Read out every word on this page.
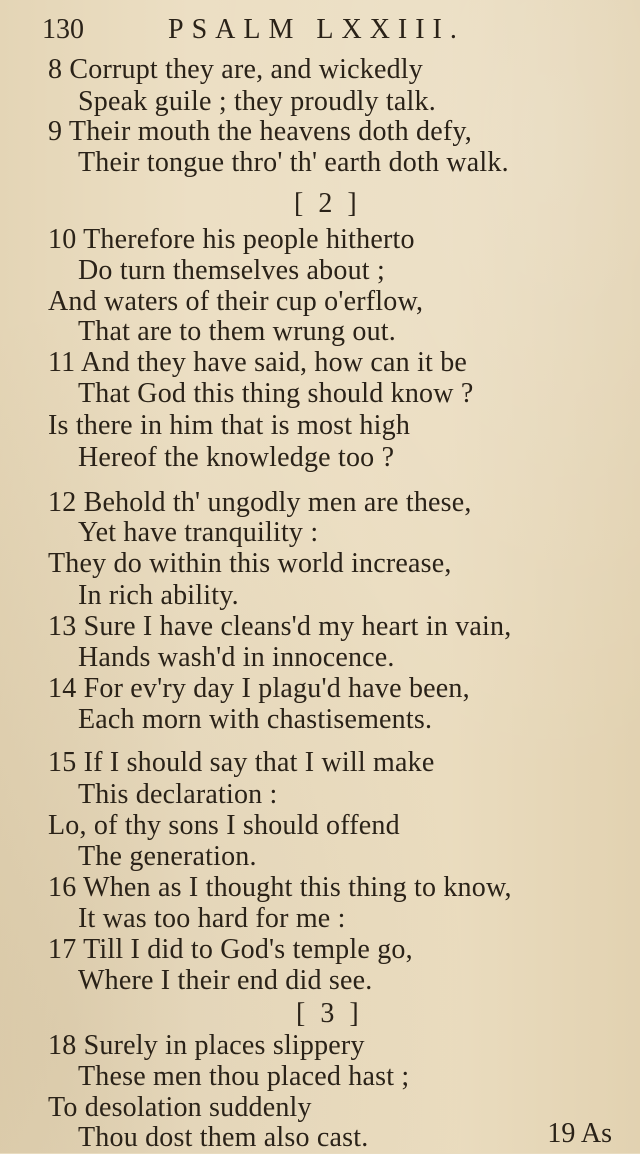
130	PSALM LXXIII.
8 Corrupt they are, and wickedly
Speak guile ; they proudly talk.
9 Their mouth the heavens doth defy,
Their tongue thro' th' earth doth walk.
[ 2 ]
10 Therefore his people hitherto
Do turn themselves about ;
And waters of their cup o'erflow,
That are to them wrung out.
11 And they have said, how can it be
That God this thing should know ?
Is there in him that is most high
Hereof the knowledge too ?
12 Behold th' ungodly men are these,
Yet have tranquility :
They do within this world increase,
In rich ability.
13 Sure I have cleans'd my heart in vain,
Hands wash'd in innocence.
14 For ev'ry day I plagu'd have been,
Each morn with chastisements.
15 If I should say that I will make
This declaration :
Lo, of thy sons I should offend
The generation.
16 When as I thought this thing to know,
It was too hard for me :
17 Till I did to God's temple go,
Where I their end did see.
[ 3 ]
18 Surely in places slippery
These men thou placed hast ;
To desolation suddenly
Thou dost them also cast.	19 As
